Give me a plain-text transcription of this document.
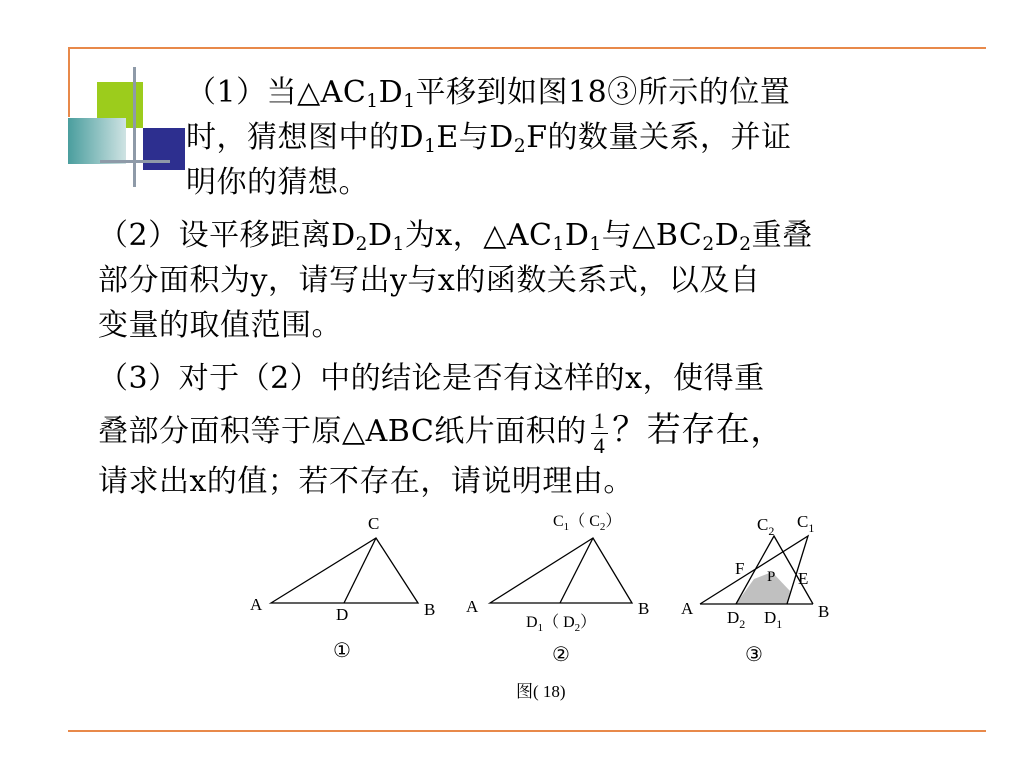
（1）当$\triangle AC_1D_1$平移到如图18③所示的位置
时，猜想图中的$D_1E$与$D_2F$的数量关系，并证
明你的猜想。
（2）设平移距离$D_2D_1$为x，$\triangle AC_1D_1$与$\triangle BC_2D_2$重叠
部分面积为y，请写出y与x的函数关系式，以及自
变量的取值范围。
（3）对于（2）中的结论是否有这样的x，使得重
叠部分面积等于原△ABC纸片面积的 $\frac{1}{4}$ ？若存在，
请求出x的值；若不存在，请说明理由。
C
A	B
D
①
$C_1$（ $C_2$）
A	B
$D_1$（ $D_2$）
②
$C_2$ $C_1$
F P E
A	B
$D_2$ $D_1$
③
图( 18)
